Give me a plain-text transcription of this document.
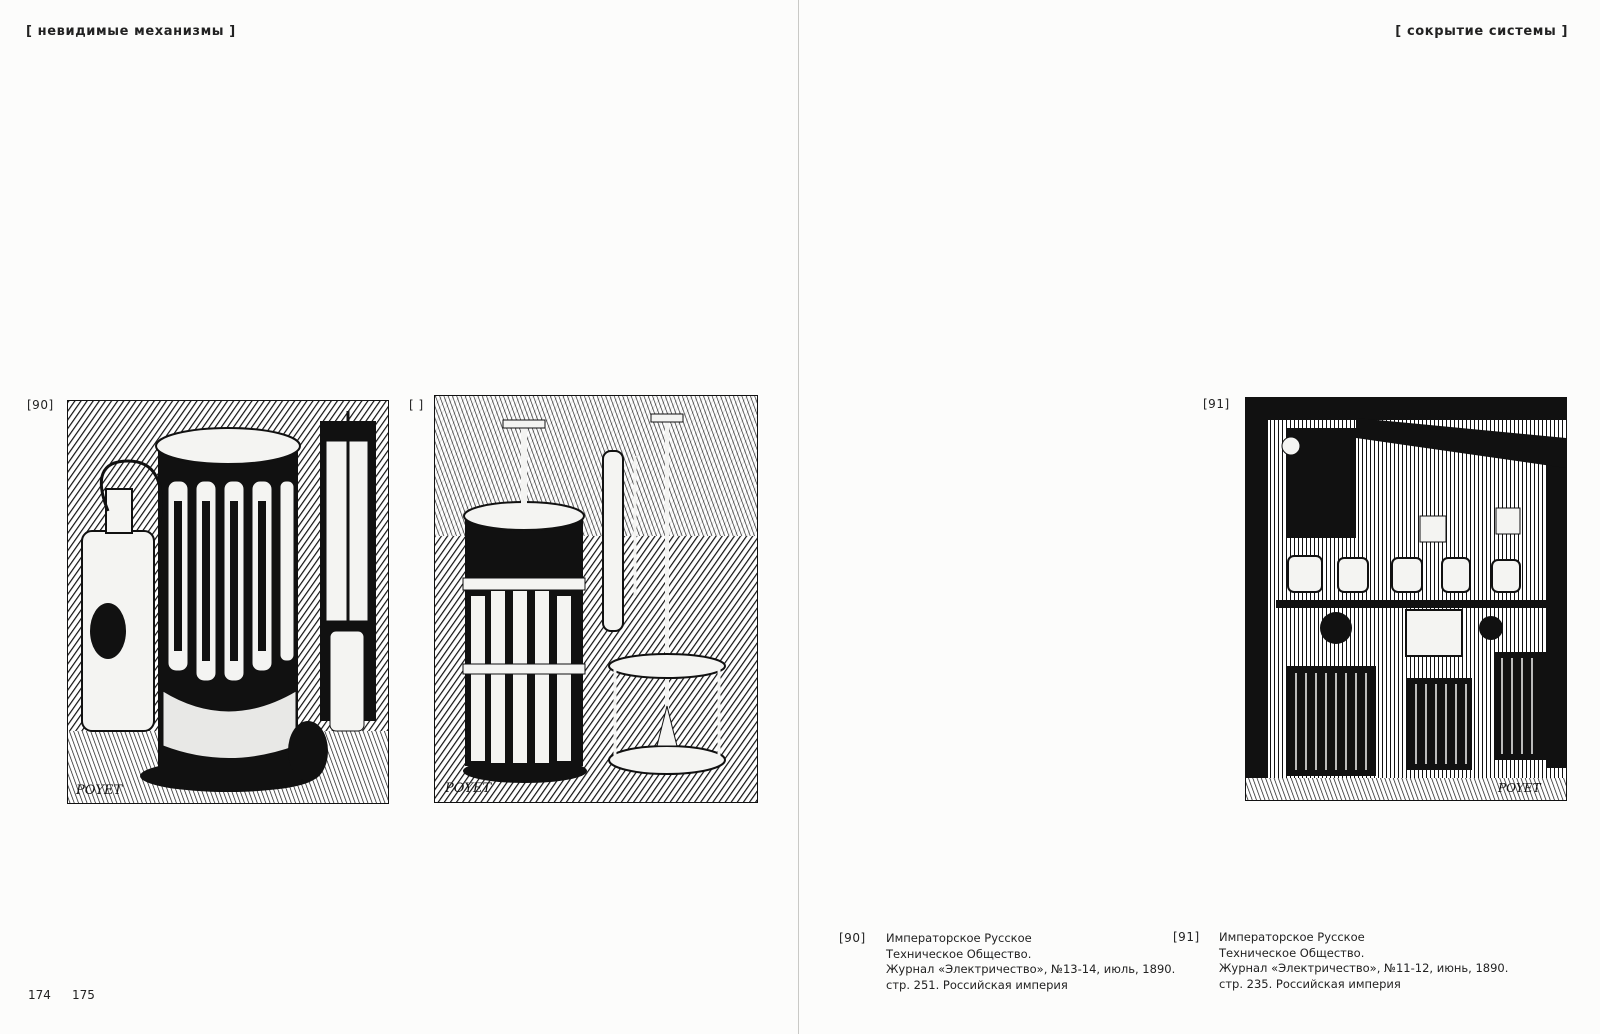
[ невидимые механизмы ]	[ сокрытие системы ]
[90]
POYET
[ ]
POYET
[91]
POYET
174 175
[90] Императорское Русское
Техническое Общество.
Журнал «Электричество», №13-14, июль, 1890.
стр. 251. Российская империя
[91] Императорское Русское
Техническое Общество.
Журнал «Электричество», №11-12, июнь, 1890.
стр. 235. Российская империя
